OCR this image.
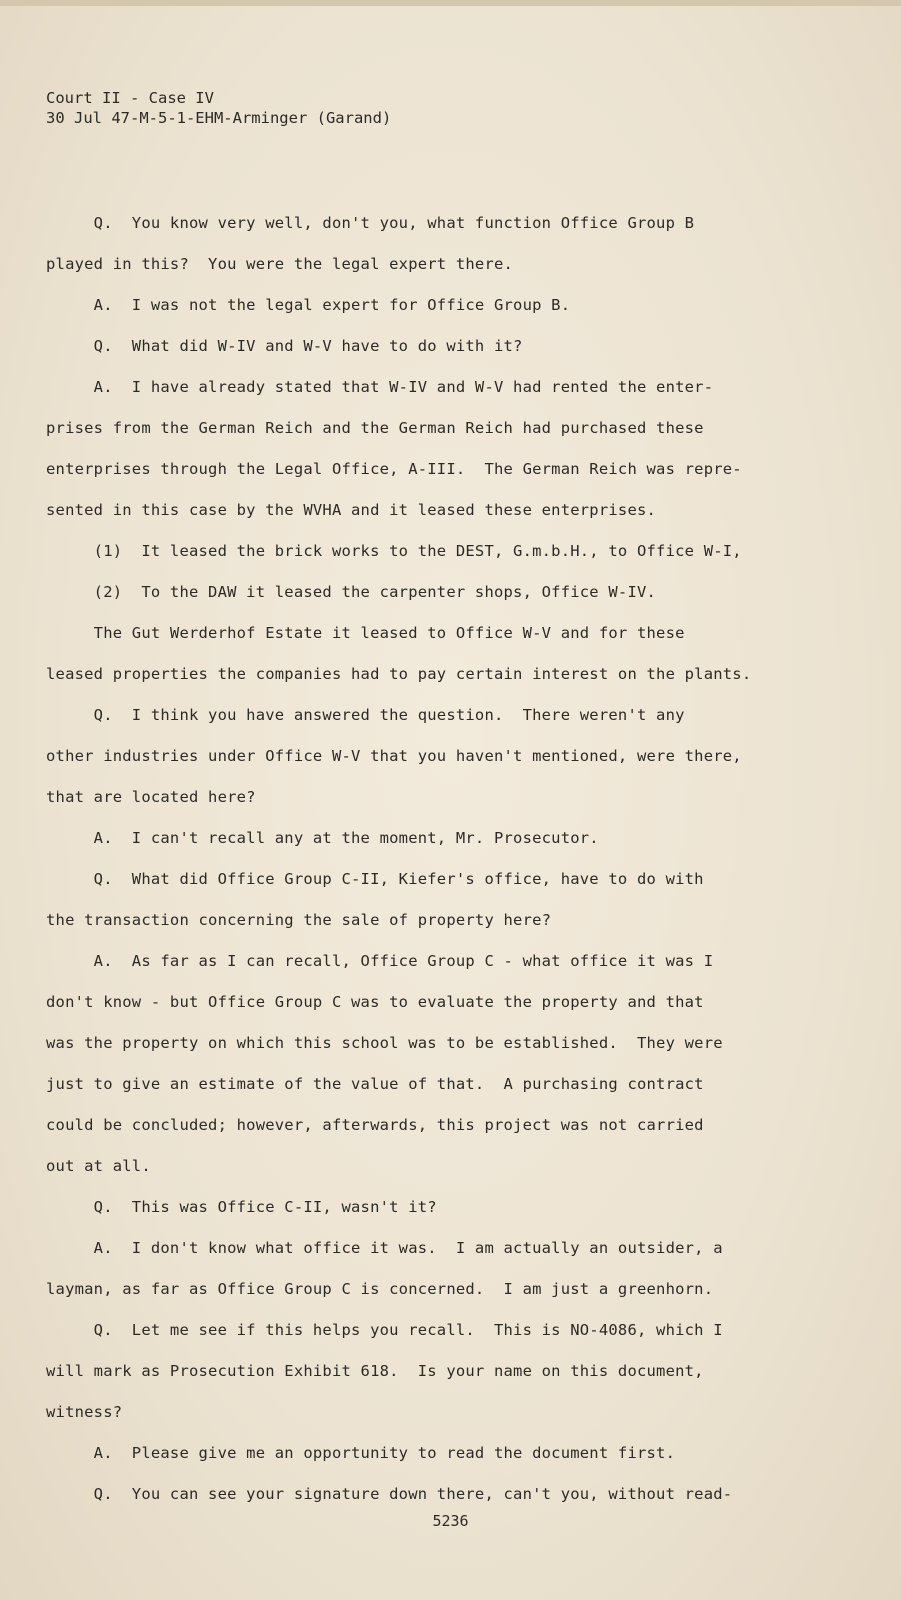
Court II - Case IV
30 Jul 47-M-5-1-EHM-Arminger (Garand)
Q.  You know very well, don't you, what function Office Group B
played in this?  You were the legal expert there.
A.  I was not the legal expert for Office Group B.
Q.  What did W-IV and W-V have to do with it?
A.  I have already stated that W-IV and W-V had rented the enter-
prises from the German Reich and the German Reich had purchased these
enterprises through the Legal Office, A-III.  The German Reich was repre-
sented in this case by the WVHA and it leased these enterprises.
(1)  It leased the brick works to the DEST, G.m.b.H., to Office W-I,
(2)  To the DAW it leased the carpenter shops, Office W-IV.
The Gut Werderhof Estate it leased to Office W-V and for these
leased properties the companies had to pay certain interest on the plants.
Q.  I think you have answered the question.  There weren't any
other industries under Office W-V that you haven't mentioned, were there,
that are located here?
A.  I can't recall any at the moment, Mr. Prosecutor.
Q.  What did Office Group C-II, Kiefer's office, have to do with
the transaction concerning the sale of property here?
A.  As far as I can recall, Office Group C - what office it was I
don't know - but Office Group C was to evaluate the property and that
was the property on which this school was to be established.  They were
just to give an estimate of the value of that.  A purchasing contract
could be concluded; however, afterwards, this project was not carried
out at all.
Q.  This was Office C-II, wasn't it?
A.  I don't know what office it was.  I am actually an outsider, a
layman, as far as Office Group C is concerned.  I am just a greenhorn.
Q.  Let me see if this helps you recall.  This is NO-4086, which I
will mark as Prosecution Exhibit 618.  Is your name on this document,
witness?
A.  Please give me an opportunity to read the document first.
Q.  You can see your signature down there, can't you, without read-
5236
